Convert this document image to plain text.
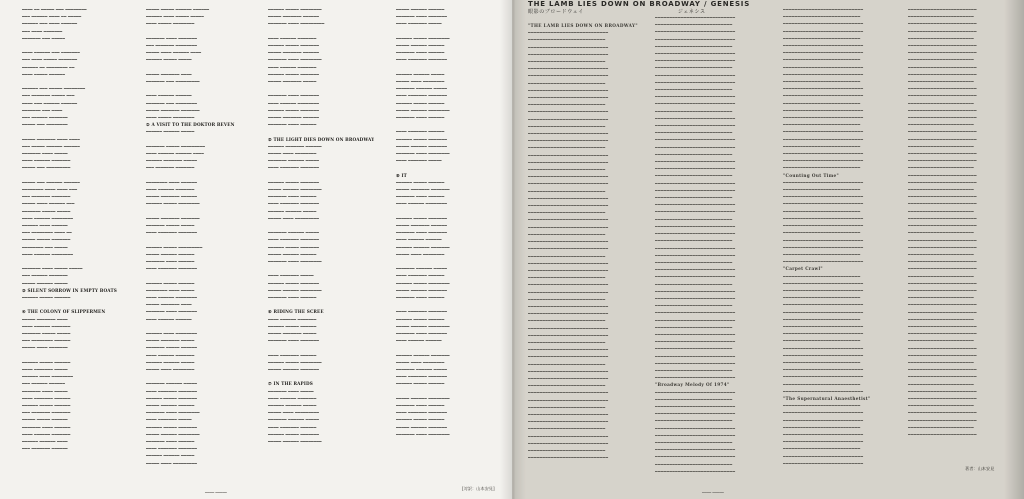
━━━━ ━━ ━━━━━ ━━━ ━━━━━━━━
━━━ ━━━━━━ ━━━━ ━━ ━━━━━
━━━━━━ ━━━ ━━━━ ━━━━━━
━━━ ━━━━ ━━━━━━━
━━━━━━━ ━━━ ━━━━━
━━━━ ━━━━━━ ━━━ ━━━━━━━
━━━ ━━━━ ━━━━━ ━━━━━━━
━━━━━━ ━━ ━━━━━━━━ ━━
━━━━ ━━━━━ ━━━━━━
━━━━━━ ━━━ ━━━━━ ━━━━━━━━
━━━ ━━━━━━━ ━━━━━ ━━━
━━━━ ━━━ ━━━━━━ ━━━━━━
━━━━━━━ ━━━ ━━━━
━━━ ━━━━━━ ━━━━━━━
━━━━━ ━━━ ━━━━━━━━
━━━━━ ━━━━━━━ ━━━━ ━━━━
━━━ ━━━━━ ━━━━━━ ━━━━━━
━━━━━━━ ━━━━ ━━━━━
━━━━ ━━━━━━ ━━━━━━━
━━━━━ ━━━ ━━━━━━━━━
━━━━━ ━━━ ━━━━━━ ━━━━━━
━━━━━━━━ ━━━━ ━━━━ ━━━
━━━ ━━━━━━━ ━━━━━━━
━━━━━ ━━━━ ━━━━━━ ━━━
━━━━━━━ ━━━━━ ━━━━━
━━━━ ━━━━━━ ━━━━━━━━
━━━━━━ ━━━━ ━━━━━━
━━━ ━━━━━━━━ ━━━━ ━━
━━━━━ ━━━━━ ━━━━━━━
━━━━━━━━ ━━━ ━━━━━
━━━━ ━━━━━━ ━━━━━━━━
━━━━━━━ ━━━━ ━━━━━ ━━━━━
━━━ ━━━━━━ ━━━━━━━
━━━━━ ━━━━━━ ━━━━━
③ SILENT SORROW IN EMPTY BOATS
━━━━━━ ━━━━━ ━━━━━━
④ THE COLONY OF SLIPPERMEN
━━━━━ ━━━━━━━ ━━━━
━━━━ ━━━━━━ ━━━━━━━
━━━━━━━ ━━━━━ ━━━━━
━━━ ━━━━━━━━ ━━━━━━
━━━━━ ━━━━ ━━━━━━━
━━━━━━ ━━━━━ ━━━━━━
━━━━ ━━━━━━━ ━━━━━
━━━━━━ ━━━━ ━━━━━━━━
━━━ ━━━━━━ ━━━━━━
━━━━━━━ ━━━━ ━━━━━
━━━━ ━━━━━━━ ━━━━━━
━━━━━━ ━━━━━ ━━━━━━
━━━ ━━━━━━━ ━━━━━━━
━━━━━ ━━━━━ ━━━━━━
━━━━━━━ ━━━━ ━━━━━━
━━━━ ━━━━━━ ━━━━━━━
━━━━━━ ━━━━━━ ━━━━
━━━ ━━━━━━━ ━━━━━━
━━━━━ ━━━━━ ━━━━━━ ━━━━━━
━━━━━━ ━━━━ ━━━━━ ━━━━━
━━━━ ━━━━━ ━━━━━━━━
━━━━━━━ ━━━━ ━━━━━━━
━━━ ━━━━━━━ ━━━━━━━━
━━━━━ ━━━━ ━━━━━━ ━━━━
━━━━━━ ━━━━━ ━━━━━
━━━━━ ━━━━━━━ ━━━━
━━━━━━━ ━━━ ━━━━━━━━━
━━━━ ━━━━━━ ━━━━━━
━━━━━━━ ━━━ ━━━━━━━━
━━━━━ ━━━━━━━ ━━━━━━━
━━━━ ━━━━━ ━━━━━━━━
② A VISIT TO THE DOKTOR BEVEN
━━━━━━ ━━━━━━ ━━━━━
━━━━━━━ ━━━━━ ━━━━━━━━━
━━━━ ━━━━━━ ━━━━━━ ━━━━
━━━━━━ ━━━━━━━ ━━━━━
━━━ ━━━━━━━ ━━━━━━━
━━━━━━━━ ━━━━ ━━━━━━
━━━━ ━━━━━━ ━━━━━━━
━━━━━ ━━━━━━━ ━━━━━━
━━━━━━ ━━━━━ ━━━━━━━━
━━━━━ ━━━━━━━ ━━━━━━━
━━━━━━━ ━━━━━ ━━━━━
━━━━ ━━━━━━━ ━━━━━━━
━━━━━━ ━━━━━ ━━━━━━━━━
━━━━━ ━━━━━━ ━━━━━━
━━━━━━━ ━━━━ ━━━━━━
━━━━ ━━━━━━━ ━━━━━━━
━━━━━━ ━━━━━ ━━━━━━
━━━━━━━━ ━━━━ ━━━━━
━━━━ ━━━━━━ ━━━━━━━━
━━━━━ ━━━━━━━ ━━━━
━━━━━━━ ━━━━ ━━━━━━━
━━━━ ━━━━━━ ━━━━━━
━━━━━━ ━━━━ ━━━━━━━━
━━━━━ ━━━━━━━ ━━━━━
━━━━━━━ ━━━━━ ━━━━━━
━━━━ ━━━━━━ ━━━━━━━
━━━━━━ ━━━━━━ ━━━━━
━━━━━ ━━━━ ━━━━━━━━
━━━━━━━ ━━━━━━ ━━━━━
━━━━ ━━━━━━━ ━━━━━━━
━━━━━━ ━━━━━ ━━━━━━━
━━━━━ ━━━━━━ ━━━━━━
━━━━━━━ ━━━━ ━━━━━━━━
━━━━ ━━━━━━━ ━━━━━
━━━━━━ ━━━━━ ━━━━━━━
━━━━━ ━━━━━━ ━━━━━━━━
━━━━━━━ ━━━━ ━━━━━━
━━━━ ━━━━━━━ ━━━━━━━
━━━━━━ ━━━━━━ ━━━━━
━━━━━ ━━━━ ━━━━━━━━━
━━━━━━ ━━━━━ ━━━━━━━━
━━━━━ ━━━━━━━ ━━━━━━
━━━━━━━ ━━━━ ━━━━━━━━━
━━━━ ━━━━━━ ━━━━━━━
━━━━━━ ━━━━━ ━━━━━━━
━━━━━ ━━━━━━━ ━━━━━━
━━━━━━━ ━━━━ ━━━━━━━━
━━━━ ━━━━━━ ━━━━━━━
━━━━━━ ━━━━━ ━━━━━━━
━━━━━ ━━━━━━━ ━━━━━
━━━━━━━ ━━━━ ━━━━━━━
━━━━ ━━━━━━ ━━━━━━━━
━━━━━━ ━━━━━ ━━━━━━━
━━━━━ ━━━━━━━ ━━━━━━
━━━━━━━ ━━━━ ━━━━━━
⑤ THE LIGHT DIES DOWN ON BROADWAY
━━━━━━ ━━━━━━━ ━━━━━━
━━━━━ ━━━━ ━━━━━━━━
━━━━━━━ ━━━━━━ ━━━━━
━━━━ ━━━━━━━ ━━━━━━━
━━━━━━ ━━━━━ ━━━━━━━
━━━━━ ━━━━━━ ━━━━━━━━
━━━━━━━ ━━━━ ━━━━━━
━━━━ ━━━━━━━ ━━━━━━━
━━━━━━ ━━━━━━ ━━━━━
━━━━━ ━━━━ ━━━━━━━━━
━━━━━━━ ━━━━━━ ━━━━━
━━━━ ━━━━━━━ ━━━━━━━
━━━━━━ ━━━━━ ━━━━━━━
━━━━━ ━━━━━━ ━━━━━━
━━━━━━━ ━━━━ ━━━━━━━━
━━━━ ━━━━━━━ ━━━━━
━━━━━━ ━━━━━ ━━━━━━━
━━━━━ ━━━━━━ ━━━━━━━━
━━━━━━━ ━━━━ ━━━━━━
⑥ RIDING THE SCREE
━━━━ ━━━━━━ ━━━━━━━
━━━━━━ ━━━━━ ━━━━━━
━━━━━ ━━━━━━━ ━━━━━
━━━━━━━ ━━━━ ━━━━━━━
━━━━ ━━━━━━━ ━━━━━━
━━━━━━ ━━━━━ ━━━━━━━━
━━━━━ ━━━━━━ ━━━━━━━
⑦ IN THE RAPIDS
━━━━━━━ ━━━━ ━━━━━
━━━━ ━━━━━━ ━━━━━━━
━━━━━━ ━━━━━━ ━━━━━
━━━━━ ━━━━ ━━━━━━━━━
━━━━━━━ ━━━━━━ ━━━━━
━━━━ ━━━━━━━ ━━━━━━
━━━━━━ ━━━━━ ━━━━━━━
━━━━━ ━━━━━━ ━━━━━━━━
━━━━━ ━━━━━━ ━━━━━━
━━━━━━━ ━━━━ ━━━━━━━
━━━━ ━━━━━━━ ━━━━━
━━━━━━ ━━━━━ ━━━━━━━━
━━━━━ ━━━━━━ ━━━━━━
━━━━━━━ ━━━━ ━━━━━━
━━━━ ━━━━━━━ ━━━━━━━
━━━━━━ ━━━━━━ ━━━━━
━━━━━ ━━━━ ━━━━━━━━
━━━━━━━ ━━━━━━ ━━━━━
━━━━ ━━━━━━━ ━━━━━━━
━━━━━━ ━━━━━ ━━━━━━
━━━━━ ━━━━━━ ━━━━━━━━
━━━━━━━ ━━━━ ━━━━━━
━━━━ ━━━━━━━ ━━━━━━
━━━━━━ ━━━━━ ━━━━━━━
━━━━━ ━━━━━━ ━━━━━━━
━━━━━━━ ━━━━ ━━━━━━━━
━━━━ ━━━━━━━ ━━━━━
⑧ IT
━━━━━━ ━━━━━ ━━━━━━
━━━━━ ━━━━━━━ ━━━━━━━
━━━━━━━ ━━━━ ━━━━━━
━━━━ ━━━━━━ ━━━━━━━━
━━━━━━ ━━━━━ ━━━━━━━
━━━━━ ━━━━━━━ ━━━━━━
━━━━━━━ ━━━━ ━━━━━━━
━━━━ ━━━━━━ ━━━━━━
━━━━━━ ━━━━━━ ━━━━━━━
━━━━━ ━━━━ ━━━━━━━━
━━━━━━━ ━━━━━━ ━━━━━
━━━━ ━━━━━━━ ━━━━━━
━━━━━━ ━━━━━ ━━━━━━━━
━━━━━ ━━━━━━ ━━━━━━━
━━━━━━━ ━━━━ ━━━━━━
━━━━ ━━━━━━━ ━━━━━━━
━━━━━━ ━━━━━ ━━━━━━
━━━━━ ━━━━━━ ━━━━━━━━
━━━━━━━ ━━━━ ━━━━━━━
━━━━ ━━━━━━ ━━━━━━
━━━━━━ ━━━━━━ ━━━━━━━
━━━━━ ━━━━ ━━━━━━━━
━━━━━━━ ━━━━━━ ━━━━━
━━━━ ━━━━━━━ ━━━━━━━
━━━━━━ ━━━━━ ━━━━━━
━━━━━ ━━━━━━ ━━━━━━━━
━━━━━━━ ━━━━ ━━━━━━
━━━━ ━━━━━━━ ━━━━━━━
━━━━━━ ━━━━━ ━━━━━━
━━━━━ ━━━━━━ ━━━━━━━
━━━━━━━ ━━━━ ━━━━━━━━
[対訳：山本安見]
━━━━ ━━━━━
THE LAMB LIES DOWN ON BROADWAY / GENESIS
眼影のブロードウェイ	ジェネシス
"THE LAMB LIES DOWN ON BROADWAY"
━━━━━━━━━━━━━━━━━━━━━━━━━━━━
━━━━━━━━━━━━━━━━━━━━━━━━━━━
━━━━━━━━━━━━━━━━━━━━━━━━━━━━
━━━━━━━━━━━━━━━━━━━━━━━━━━━━
━━━━━━━━━━━━━━━━━━━━━━━━━━━
━━━━━━━━━━━━━━━━━━━━━━━━━━━━
━━━━━━━━━━━━━━━━━━━━━━━━━━━━
━━━━━━━━━━━━━━━━━━━━━━━━━━━
━━━━━━━━━━━━━━━━━━━━━━━━━━━━
━━━━━━━━━━━━━━━━━━━━━━━━━━━━
━━━━━━━━━━━━━━━━━━━━━━━━━━━
━━━━━━━━━━━━━━━━━━━━━━━━━━━━
━━━━━━━━━━━━━━━━━━━━━━━━━━━━
━━━━━━━━━━━━━━━━━━━━━━━━━━━
━━━━━━━━━━━━━━━━━━━━━━━━━━━━
━━━━━━━━━━━━━━━━━━━━━━━━━━━━
━━━━━━━━━━━━━━━━━━━━━━━━━━━
━━━━━━━━━━━━━━━━━━━━━━━━━━━━
━━━━━━━━━━━━━━━━━━━━━━━━━━━━
━━━━━━━━━━━━━━━━━━━━━━━━━━━
━━━━━━━━━━━━━━━━━━━━━━━━━━━━
━━━━━━━━━━━━━━━━━━━━━━━━━━━━
━━━━━━━━━━━━━━━━━━━━━━━━━━━
━━━━━━━━━━━━━━━━━━━━━━━━━━━━
━━━━━━━━━━━━━━━━━━━━━━━━━━━━
━━━━━━━━━━━━━━━━━━━━━━━━━━━
━━━━━━━━━━━━━━━━━━━━━━━━━━━━
━━━━━━━━━━━━━━━━━━━━━━━━━━━━
━━━━━━━━━━━━━━━━━━━━━━━━━━━
━━━━━━━━━━━━━━━━━━━━━━━━━━━━
━━━━━━━━━━━━━━━━━━━━━━━━━━━━
━━━━━━━━━━━━━━━━━━━━━━━━━━━
━━━━━━━━━━━━━━━━━━━━━━━━━━━━
━━━━━━━━━━━━━━━━━━━━━━━━━━━━
━━━━━━━━━━━━━━━━━━━━━━━━━━━
━━━━━━━━━━━━━━━━━━━━━━━━━━━━
━━━━━━━━━━━━━━━━━━━━━━━━━━━━
━━━━━━━━━━━━━━━━━━━━━━━━━━━
━━━━━━━━━━━━━━━━━━━━━━━━━━━━
━━━━━━━━━━━━━━━━━━━━━━━━━━━━
━━━━━━━━━━━━━━━━━━━━━━━━━━━
━━━━━━━━━━━━━━━━━━━━━━━━━━━━
━━━━━━━━━━━━━━━━━━━━━━━━━━━━
━━━━━━━━━━━━━━━━━━━━━━━━━━━
━━━━━━━━━━━━━━━━━━━━━━━━━━━━
━━━━━━━━━━━━━━━━━━━━━━━━━━━━
━━━━━━━━━━━━━━━━━━━━━━━━━━━
━━━━━━━━━━━━━━━━━━━━━━━━━━━━
━━━━━━━━━━━━━━━━━━━━━━━━━━━━
━━━━━━━━━━━━━━━━━━━━━━━━━━━
━━━━━━━━━━━━━━━━━━━━━━━━━━━━
━━━━━━━━━━━━━━━━━━━━━━━━━━━━
━━━━━━━━━━━━━━━━━━━━━━━━━━━
━━━━━━━━━━━━━━━━━━━━━━━━━━━━
━━━━━━━━━━━━━━━━━━━━━━━━━━━━
━━━━━━━━━━━━━━━━━━━━━━━━━━━
━━━━━━━━━━━━━━━━━━━━━━━━━━━━
━━━━━━━━━━━━━━━━━━━━━━━━━━━━
━━━━━━━━━━━━━━━━━━━━━━━━━━━
━━━━━━━━━━━━━━━━━━━━━━━━━━━━
━━━━━━━━━━━━━━━━━━━━━━━━━━━━
━━━━━━━━━━━━━━━━━━━━━━━━━━━
━━━━━━━━━━━━━━━━━━━━━━━━━━━━
━━━━━━━━━━━━━━━━━━━━━━━━━━━━
━━━━━━━━━━━━━━━━━━━━━━━━━━━
━━━━━━━━━━━━━━━━━━━━━━━━━━━━
━━━━━━━━━━━━━━━━━━━━━━━━━━━━
━━━━━━━━━━━━━━━━━━━━━━━━━━━
━━━━━━━━━━━━━━━━━━━━━━━━━━━━
━━━━━━━━━━━━━━━━━━━━━━━━━━━━
━━━━━━━━━━━━━━━━━━━━━━━━━━━
━━━━━━━━━━━━━━━━━━━━━━━━━━━━
━━━━━━━━━━━━━━━━━━━━━━━━━━━━
━━━━━━━━━━━━━━━━━━━━━━━━━━━
━━━━━━━━━━━━━━━━━━━━━━━━━━━━
━━━━━━━━━━━━━━━━━━━━━━━━━━━━
━━━━━━━━━━━━━━━━━━━━━━━━━━━
━━━━━━━━━━━━━━━━━━━━━━━━━━━━
━━━━━━━━━━━━━━━━━━━━━━━━━━━━
━━━━━━━━━━━━━━━━━━━━━━━━━━━
━━━━━━━━━━━━━━━━━━━━━━━━━━━━
━━━━━━━━━━━━━━━━━━━━━━━━━━━━
━━━━━━━━━━━━━━━━━━━━━━━━━━━
━━━━━━━━━━━━━━━━━━━━━━━━━━━━
━━━━━━━━━━━━━━━━━━━━━━━━━━━━
━━━━━━━━━━━━━━━━━━━━━━━━━━━
━━━━━━━━━━━━━━━━━━━━━━━━━━━━
━━━━━━━━━━━━━━━━━━━━━━━━━━━━
━━━━━━━━━━━━━━━━━━━━━━━━━━━
━━━━━━━━━━━━━━━━━━━━━━━━━━━━
━━━━━━━━━━━━━━━━━━━━━━━━━━━━
━━━━━━━━━━━━━━━━━━━━━━━━━━━
━━━━━━━━━━━━━━━━━━━━━━━━━━━━
━━━━━━━━━━━━━━━━━━━━━━━━━━━━
━━━━━━━━━━━━━━━━━━━━━━━━━━━
━━━━━━━━━━━━━━━━━━━━━━━━━━━━
━━━━━━━━━━━━━━━━━━━━━━━━━━━━
━━━━━━━━━━━━━━━━━━━━━━━━━━━
━━━━━━━━━━━━━━━━━━━━━━━━━━━━
━━━━━━━━━━━━━━━━━━━━━━━━━━━━
━━━━━━━━━━━━━━━━━━━━━━━━━━━
━━━━━━━━━━━━━━━━━━━━━━━━━━━━
━━━━━━━━━━━━━━━━━━━━━━━━━━━━
━━━━━━━━━━━━━━━━━━━━━━━━━━━
━━━━━━━━━━━━━━━━━━━━━━━━━━━━
━━━━━━━━━━━━━━━━━━━━━━━━━━━━
━━━━━━━━━━━━━━━━━━━━━━━━━━━
━━━━━━━━━━━━━━━━━━━━━━━━━━━━
━━━━━━━━━━━━━━━━━━━━━━━━━━━━
━━━━━━━━━━━━━━━━━━━━━━━━━━━
━━━━━━━━━━━━━━━━━━━━━━━━━━━━
"Broadway Melody Of 1974"
━━━━━━━━━━━━━━━━━━━━━━━━━━━━
━━━━━━━━━━━━━━━━━━━━━━━━━━━
━━━━━━━━━━━━━━━━━━━━━━━━━━━━
━━━━━━━━━━━━━━━━━━━━━━━━━━━━
━━━━━━━━━━━━━━━━━━━━━━━━━━━
━━━━━━━━━━━━━━━━━━━━━━━━━━━━
━━━━━━━━━━━━━━━━━━━━━━━━━━━━
━━━━━━━━━━━━━━━━━━━━━━━━━━━
━━━━━━━━━━━━━━━━━━━━━━━━━━━━
━━━━━━━━━━━━━━━━━━━━━━━━━━━━
━━━━━━━━━━━━━━━━━━━━━━━━━━━
━━━━━━━━━━━━━━━━━━━━━━━━━━━━
━━━━━━━━━━━━━━━━━━━━━━━━━━━━
━━━━━━━━━━━━━━━━━━━━━━━━━━━
━━━━━━━━━━━━━━━━━━━━━━━━━━━━
━━━━━━━━━━━━━━━━━━━━━━━━━━━━
━━━━━━━━━━━━━━━━━━━━━━━━━━━
━━━━━━━━━━━━━━━━━━━━━━━━━━━━
━━━━━━━━━━━━━━━━━━━━━━━━━━━━
━━━━━━━━━━━━━━━━━━━━━━━━━━━
━━━━━━━━━━━━━━━━━━━━━━━━━━━━
━━━━━━━━━━━━━━━━━━━━━━━━━━━━
━━━━━━━━━━━━━━━━━━━━━━━━━━━
━━━━━━━━━━━━━━━━━━━━━━━━━━━━
━━━━━━━━━━━━━━━━━━━━━━━━━━━━
━━━━━━━━━━━━━━━━━━━━━━━━━━━
━━━━━━━━━━━━━━━━━━━━━━━━━━━━
━━━━━━━━━━━━━━━━━━━━━━━━━━━━
━━━━━━━━━━━━━━━━━━━━━━━━━━━
━━━━━━━━━━━━━━━━━━━━━━━━━━━━
━━━━━━━━━━━━━━━━━━━━━━━━━━━━
━━━━━━━━━━━━━━━━━━━━━━━━━━━
━━━━━━━━━━━━━━━━━━━━━━━━━━━━
━━━━━━━━━━━━━━━━━━━━━━━━━━━━
━━━━━━━━━━━━━━━━━━━━━━━━━━━
"Counting Out Time"
━━━━━━━━━━━━━━━━━━━━━━━━━━━━
━━━━━━━━━━━━━━━━━━━━━━━━━━━
━━━━━━━━━━━━━━━━━━━━━━━━━━━━
━━━━━━━━━━━━━━━━━━━━━━━━━━━━
━━━━━━━━━━━━━━━━━━━━━━━━━━━
━━━━━━━━━━━━━━━━━━━━━━━━━━━━
━━━━━━━━━━━━━━━━━━━━━━━━━━━━
━━━━━━━━━━━━━━━━━━━━━━━━━━━
━━━━━━━━━━━━━━━━━━━━━━━━━━━━
━━━━━━━━━━━━━━━━━━━━━━━━━━━━
━━━━━━━━━━━━━━━━━━━━━━━━━━━
━━━━━━━━━━━━━━━━━━━━━━━━━━━━
"Carpet Crawl"
━━━━━━━━━━━━━━━━━━━━━━━━━━━
━━━━━━━━━━━━━━━━━━━━━━━━━━━━
━━━━━━━━━━━━━━━━━━━━━━━━━━━━
━━━━━━━━━━━━━━━━━━━━━━━━━━━
━━━━━━━━━━━━━━━━━━━━━━━━━━━━
━━━━━━━━━━━━━━━━━━━━━━━━━━━━
━━━━━━━━━━━━━━━━━━━━━━━━━━━
━━━━━━━━━━━━━━━━━━━━━━━━━━━━
━━━━━━━━━━━━━━━━━━━━━━━━━━━━
━━━━━━━━━━━━━━━━━━━━━━━━━━━
━━━━━━━━━━━━━━━━━━━━━━━━━━━━
━━━━━━━━━━━━━━━━━━━━━━━━━━━━
━━━━━━━━━━━━━━━━━━━━━━━━━━━
━━━━━━━━━━━━━━━━━━━━━━━━━━━━
━━━━━━━━━━━━━━━━━━━━━━━━━━━━
━━━━━━━━━━━━━━━━━━━━━━━━━━━
━━━━━━━━━━━━━━━━━━━━━━━━━━━━
"The Supernatural Anaesthetist"
━━━━━━━━━━━━━━━━━━━━━━━━━━━
━━━━━━━━━━━━━━━━━━━━━━━━━━━━
━━━━━━━━━━━━━━━━━━━━━━━━━━━━
━━━━━━━━━━━━━━━━━━━━━━━━━━━
━━━━━━━━━━━━━━━━━━━━━━━━━━━━
━━━━━━━━━━━━━━━━━━━━━━━━━━━━
━━━━━━━━━━━━━━━━━━━━━━━━━━━
━━━━━━━━━━━━━━━━━━━━━━━━━━━━
━━━━━━━━━━━━━━━━━━━━━━━━━━━━
━━━━━━━━━━━━━━━━━━━━━━━━
━━━━━━━━━━━━━━━━━━━━━━━
━━━━━━━━━━━━━━━━━━━━━━━━
━━━━━━━━━━━━━━━━━━━━━━━━
━━━━━━━━━━━━━━━━━━━━━━━
━━━━━━━━━━━━━━━━━━━━━━━━
━━━━━━━━━━━━━━━━━━━━━━━━
━━━━━━━━━━━━━━━━━━━━━━━
━━━━━━━━━━━━━━━━━━━━━━━━
━━━━━━━━━━━━━━━━━━━━━━━━
━━━━━━━━━━━━━━━━━━━━━━━
━━━━━━━━━━━━━━━━━━━━━━━━
━━━━━━━━━━━━━━━━━━━━━━━━
━━━━━━━━━━━━━━━━━━━━━━━
━━━━━━━━━━━━━━━━━━━━━━━━
━━━━━━━━━━━━━━━━━━━━━━━━
━━━━━━━━━━━━━━━━━━━━━━━
━━━━━━━━━━━━━━━━━━━━━━━━
━━━━━━━━━━━━━━━━━━━━━━━━
━━━━━━━━━━━━━━━━━━━━━━━
━━━━━━━━━━━━━━━━━━━━━━━━
━━━━━━━━━━━━━━━━━━━━━━━━
━━━━━━━━━━━━━━━━━━━━━━━
━━━━━━━━━━━━━━━━━━━━━━━━
━━━━━━━━━━━━━━━━━━━━━━━━
━━━━━━━━━━━━━━━━━━━━━━━
━━━━━━━━━━━━━━━━━━━━━━━━
━━━━━━━━━━━━━━━━━━━━━━━━
━━━━━━━━━━━━━━━━━━━━━━━
━━━━━━━━━━━━━━━━━━━━━━━━
━━━━━━━━━━━━━━━━━━━━━━━━
━━━━━━━━━━━━━━━━━━━━━━━
━━━━━━━━━━━━━━━━━━━━━━━━
━━━━━━━━━━━━━━━━━━━━━━━━
━━━━━━━━━━━━━━━━━━━━━━━
━━━━━━━━━━━━━━━━━━━━━━━━
━━━━━━━━━━━━━━━━━━━━━━━━
━━━━━━━━━━━━━━━━━━━━━━━
━━━━━━━━━━━━━━━━━━━━━━━━
━━━━━━━━━━━━━━━━━━━━━━━━
━━━━━━━━━━━━━━━━━━━━━━━
━━━━━━━━━━━━━━━━━━━━━━━━
━━━━━━━━━━━━━━━━━━━━━━━━
━━━━━━━━━━━━━━━━━━━━━━━
━━━━━━━━━━━━━━━━━━━━━━━━
━━━━━━━━━━━━━━━━━━━━━━━━
━━━━━━━━━━━━━━━━━━━━━━━
━━━━━━━━━━━━━━━━━━━━━━━━
━━━━━━━━━━━━━━━━━━━━━━━━
━━━━━━━━━━━━━━━━━━━━━━━
━━━━━━━━━━━━━━━━━━━━━━━━
━━━━━━━━━━━━━━━━━━━━━━━━
━━━━━━━━━━━━━━━━━━━━━━━
━━━━━━━━━━━━━━━━━━━━━━━━
━━━━━━━━━━━━━━━━━━━━━━━━
━━━━━━━━━━━━━━━━━━━━━━━
━━━━━━━━━━━━━━━━━━━━━━━━
━━━━━━━━━━━━━━━━━━━━━━━━
━━━━━━━━━━━━━━━━━━━━━━━
━━━━━━━━━━━━━━━━━━━━━━━━
━━━━ ━━━━━
著者：山本安見
